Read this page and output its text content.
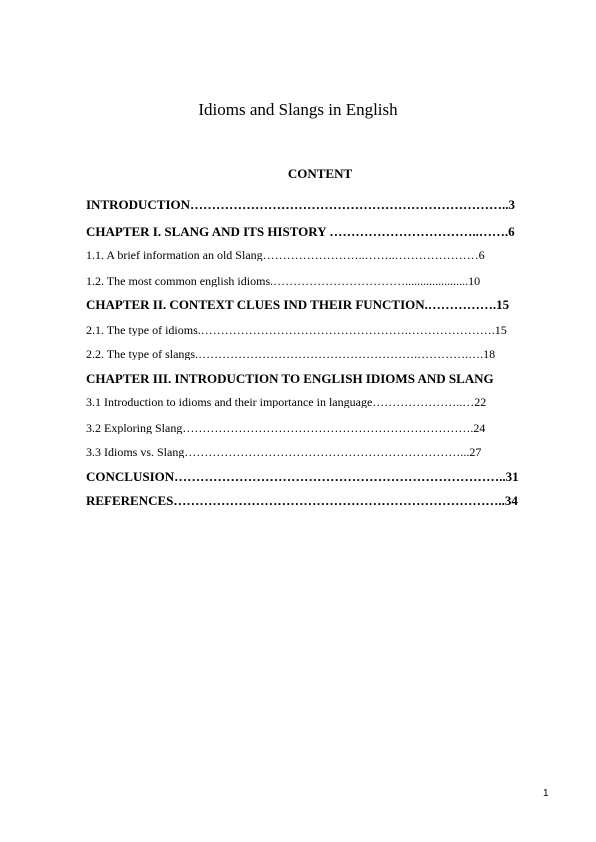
Idioms and Slangs in English
CONTENT
INTRODUCTION………………………………………………………………..3
CHAPTER I. SLANG AND ITS HISTORY ……………………………..…….6
1.1. A brief information an old Slang……………………..……..…………………6
1.2. The most common english idioms.…………………………….....................10
CHAPTER II. CONTEXT CLUES IND THEIR FUNCTION.…………….15
2.1. The type of idioms.…………………………………………….………………….15
2.2. The type of slangs.……………………………………………….………….….18
CHAPTER III. INTRODUCTION TO ENGLISH IDIOMS AND SLANG
3.1 Introduction to idioms and their importance in language…………………..…22
3.2 Exploring Slang……………………………………………………………….24
3.3 Idioms vs. Slang……………………………………………………………...27
CONCLUSION…………………………………………………………………..31
REFERENCES…………………………………………………………………..34
1
